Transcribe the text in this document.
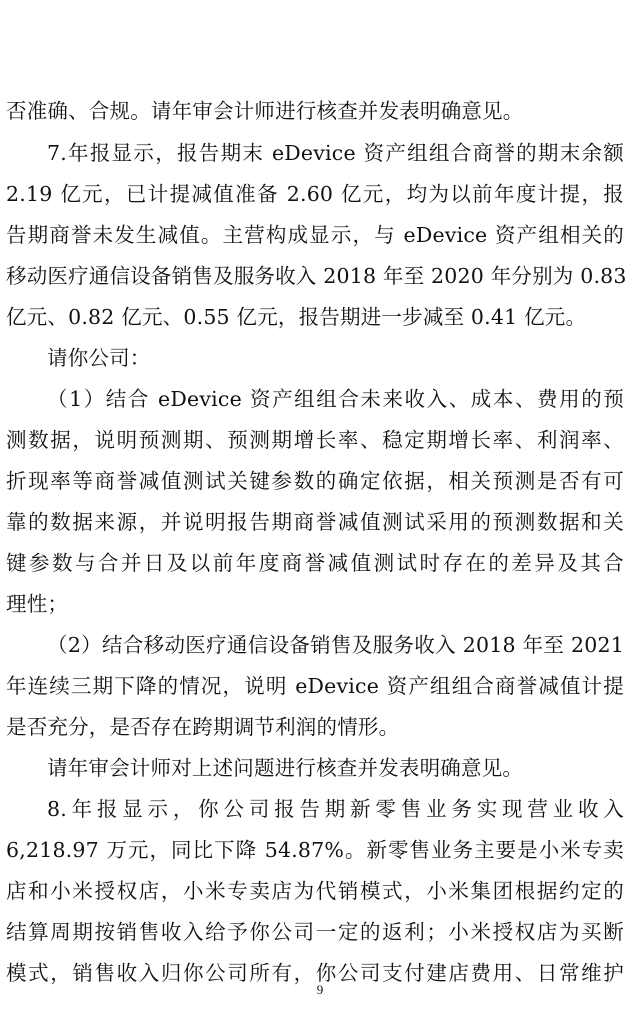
否准确、合规。请年审会计师进行核查并发表明确意见。
7.年报显示，报告期末 eDevice 资产组组合商誉的期末余额
2.19 亿元，已计提减值准备 2.60 亿元，均为以前年度计提，报
告期商誉未发生减值。主营构成显示，与 eDevice 资产组相关的
移动医疗通信设备销售及服务收入 2018 年至 2020 年分别为 0.83
亿元、0.82 亿元、0.55 亿元，报告期进一步减至 0.41 亿元。
请你公司：
（1）结合 eDevice 资产组组合未来收入、成本、费用的预
测数据，说明预测期、预测期增长率、稳定期增长率、利润率、
折现率等商誉减值测试关键参数的确定依据，相关预测是否有可
靠的数据来源，并说明报告期商誉减值测试采用的预测数据和关
键参数与合并日及以前年度商誉减值测试时存在的差异及其合
理性；
（2）结合移动医疗通信设备销售及服务收入 2018 年至 2021
年连续三期下降的情况，说明 eDevice 资产组组合商誉减值计提
是否充分，是否存在跨期调节利润的情形。
请年审会计师对上述问题进行核查并发表明确意见。
8.年报显示，你公司报告期新零售业务实现营业收入
6,218.97 万元，同比下降 54.87%。新零售业务主要是小米专卖
店和小米授权店，小米专卖店为代销模式，小米集团根据约定的
结算周期按销售收入给予你公司一定的返利；小米授权店为买断
模式，销售收入归你公司所有，你公司支付建店费用、日常维护
9
